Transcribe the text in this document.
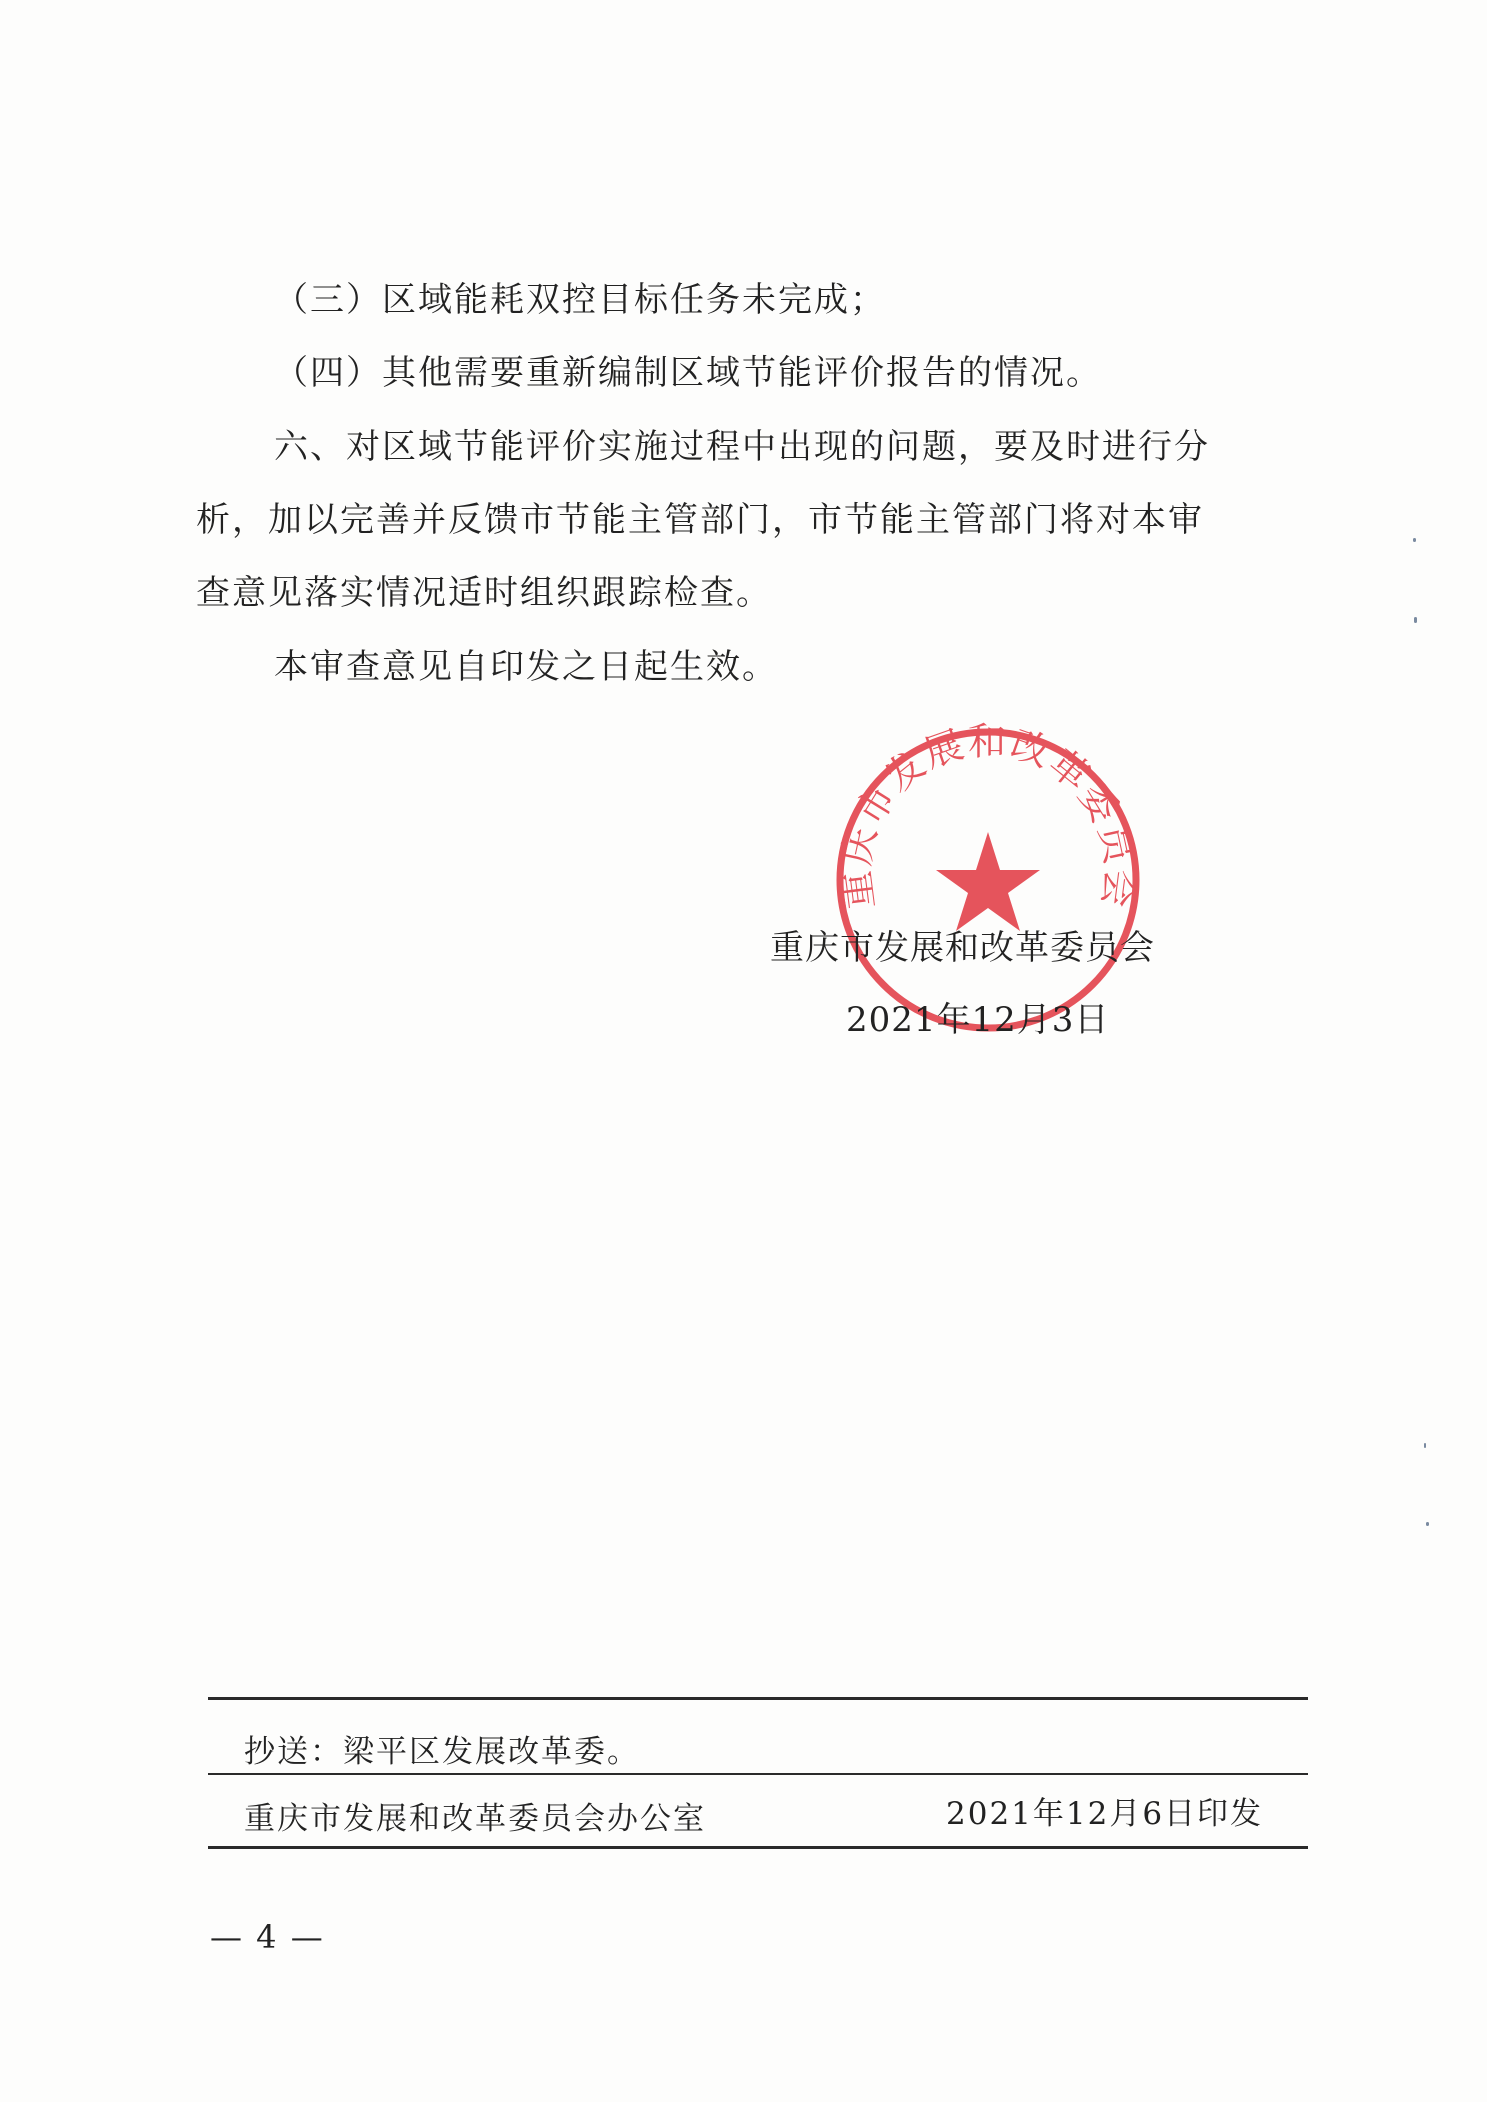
（三）区域能耗双控目标任务未完成；
（四）其他需要重新编制区域节能评价报告的情况。
六、对区域节能评价实施过程中出现的问题，要及时进行分
析，加以完善并反馈市节能主管部门，市节能主管部门将对本审
查意见落实情况适时组织跟踪检查。
本审查意见自印发之日起生效。
重庆市发展和改革委员会
重庆市发展和改革委员会
2021年12月3日
抄送：梁平区发展改革委。
重庆市发展和改革委员会办公室	2021年12月6日印发
— 4 —
